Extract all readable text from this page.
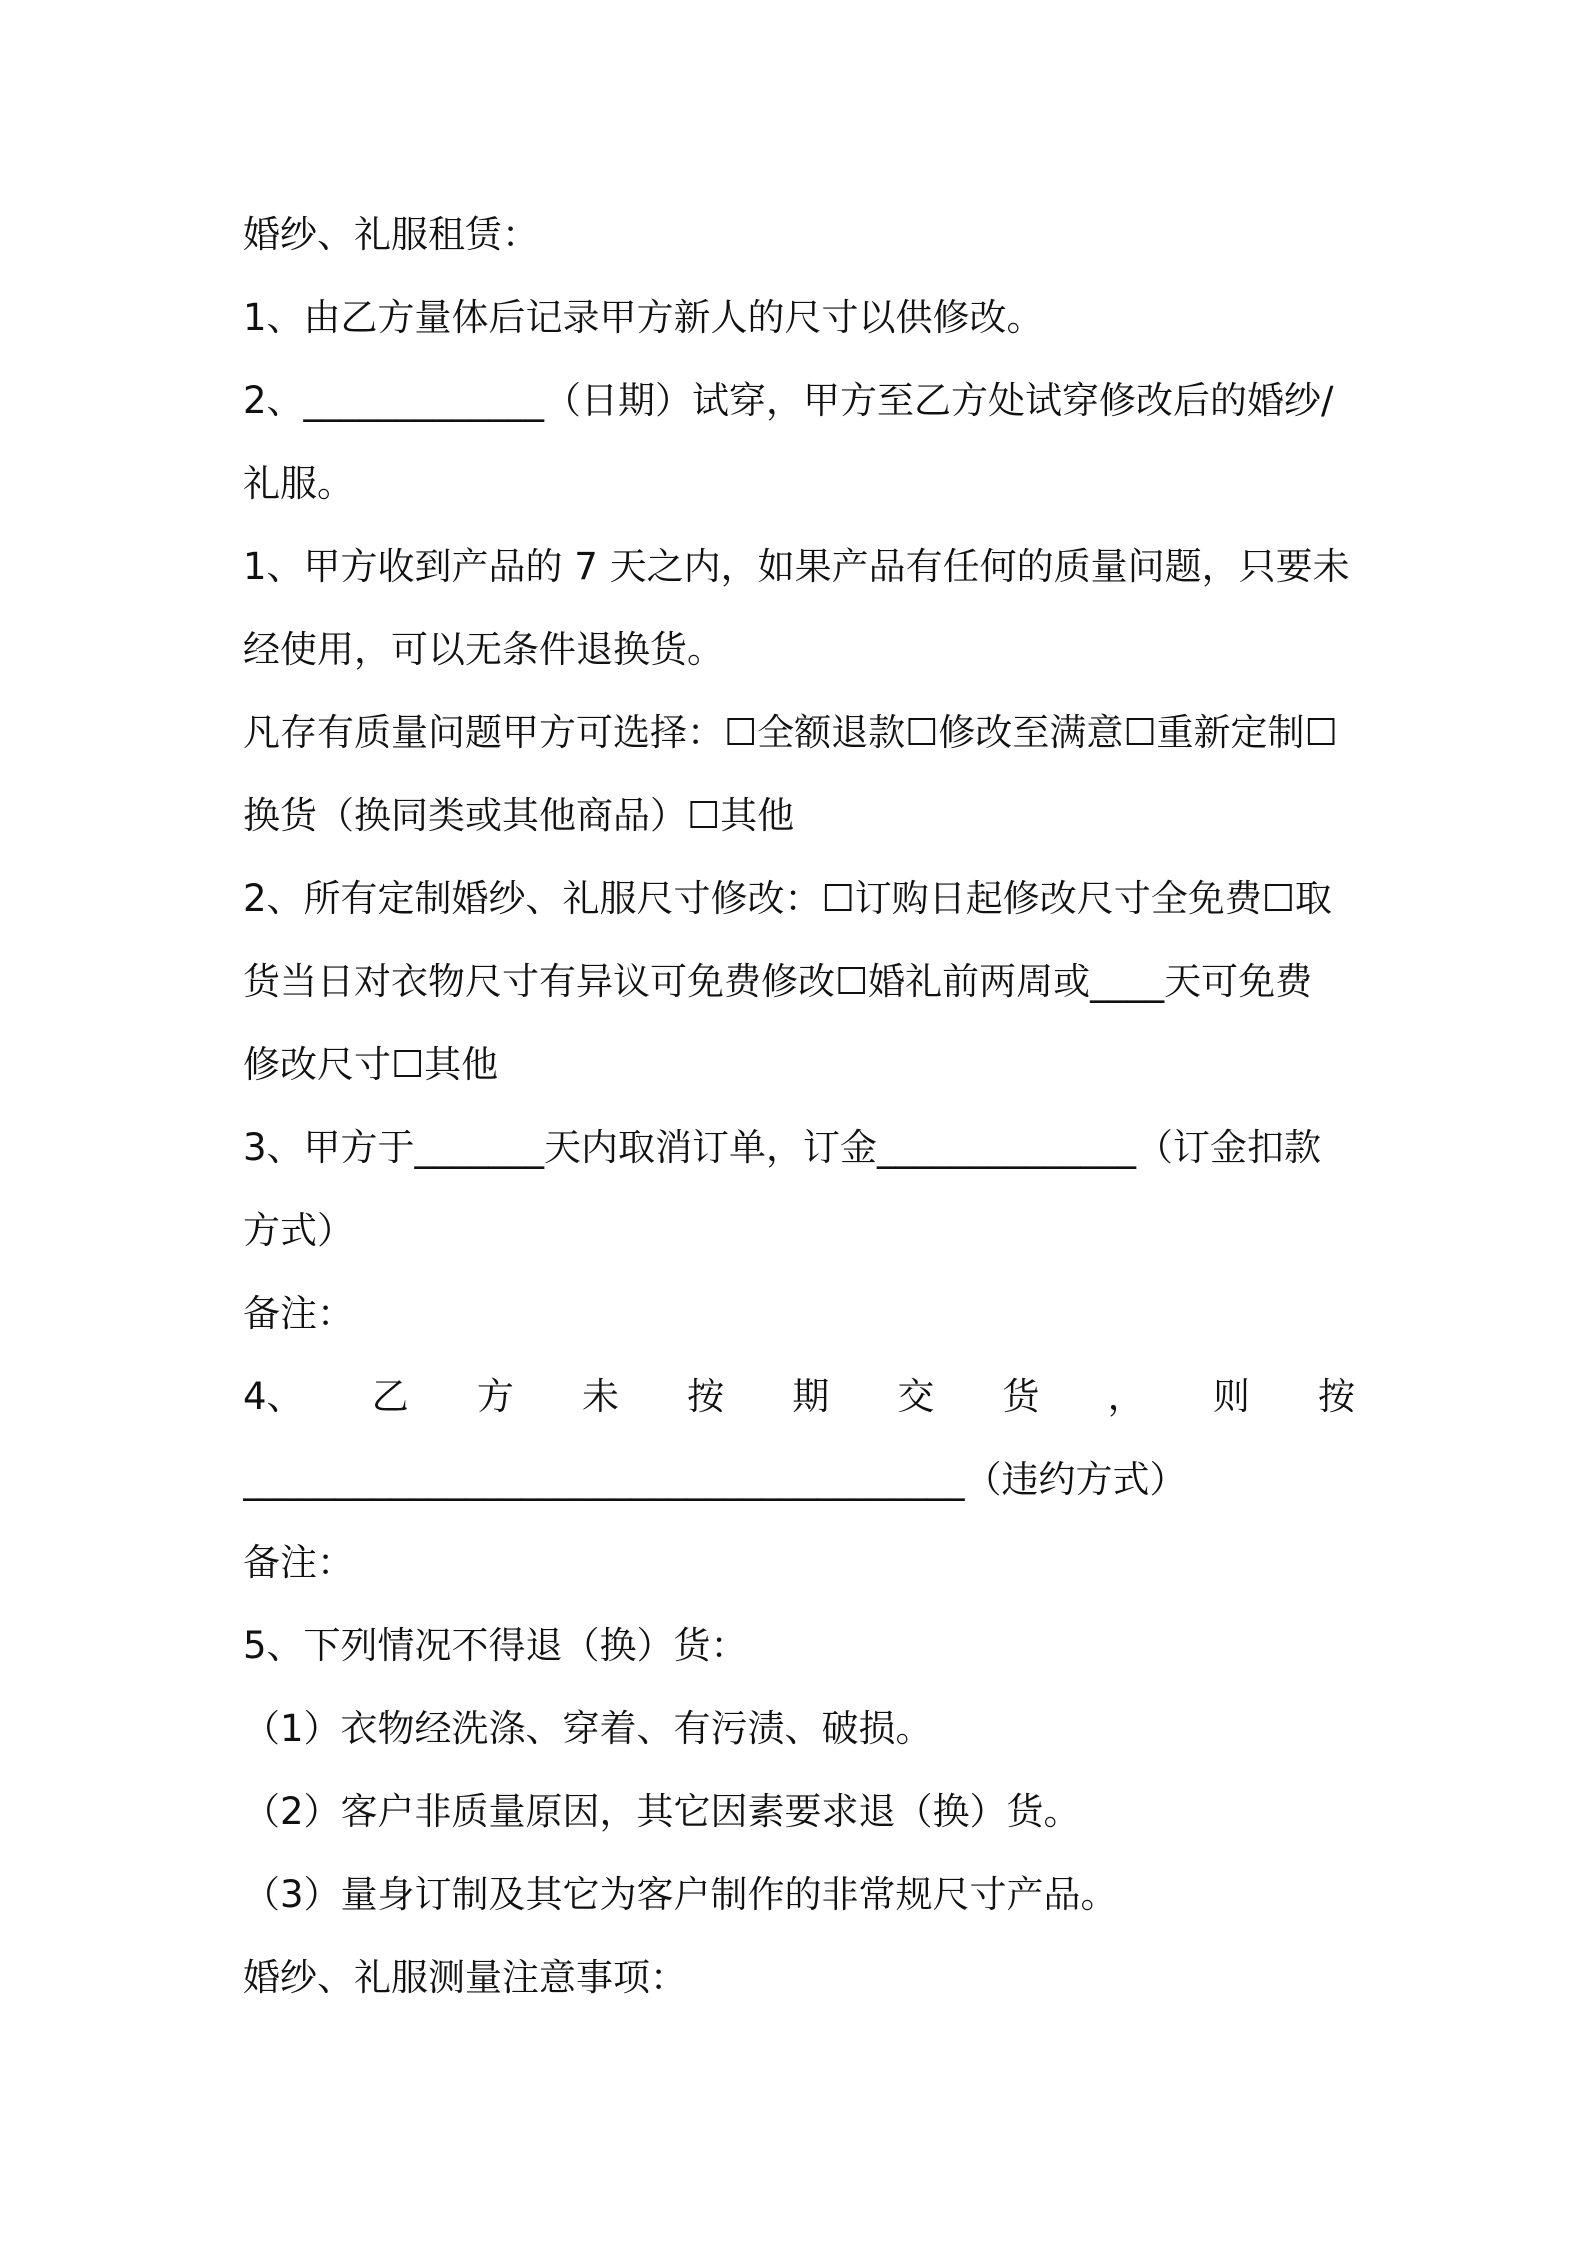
婚纱、礼服租赁：
1、由乙方量体后记录甲方新人的尺寸以供修改。
2、_____________（日期）试穿，甲方至乙方处试穿修改后的婚纱/
礼服。
1、甲方收到产品的 7 天之内，如果产品有任何的质量问题，只要未
经使用，可以无条件退换货。
凡存有质量问题甲方可选择：☐全额退款☐修改至满意☐重新定制☐
换货（换同类或其他商品）☐其他
2、所有定制婚纱、礼服尺寸修改：☐订购日起修改尺寸全免费☐取
货当日对衣物尺寸有异议可免费修改☐婚礼前两周或____天可免费
修改尺寸☐其他
3、甲方于_______天内取消订单，订金______________（订金扣款
方式）
备注：
4、 乙 方 未 按 期 交 货 ， 则 按
_______________________________________（违约方式）
备注：
5、下列情况不得退（换）货：
（1）衣物经洗涤、穿着、有污渍、破损。
（2）客户非质量原因，其它因素要求退（换）货。
（3）量身订制及其它为客户制作的非常规尺寸产品。
婚纱、礼服测量注意事项：
